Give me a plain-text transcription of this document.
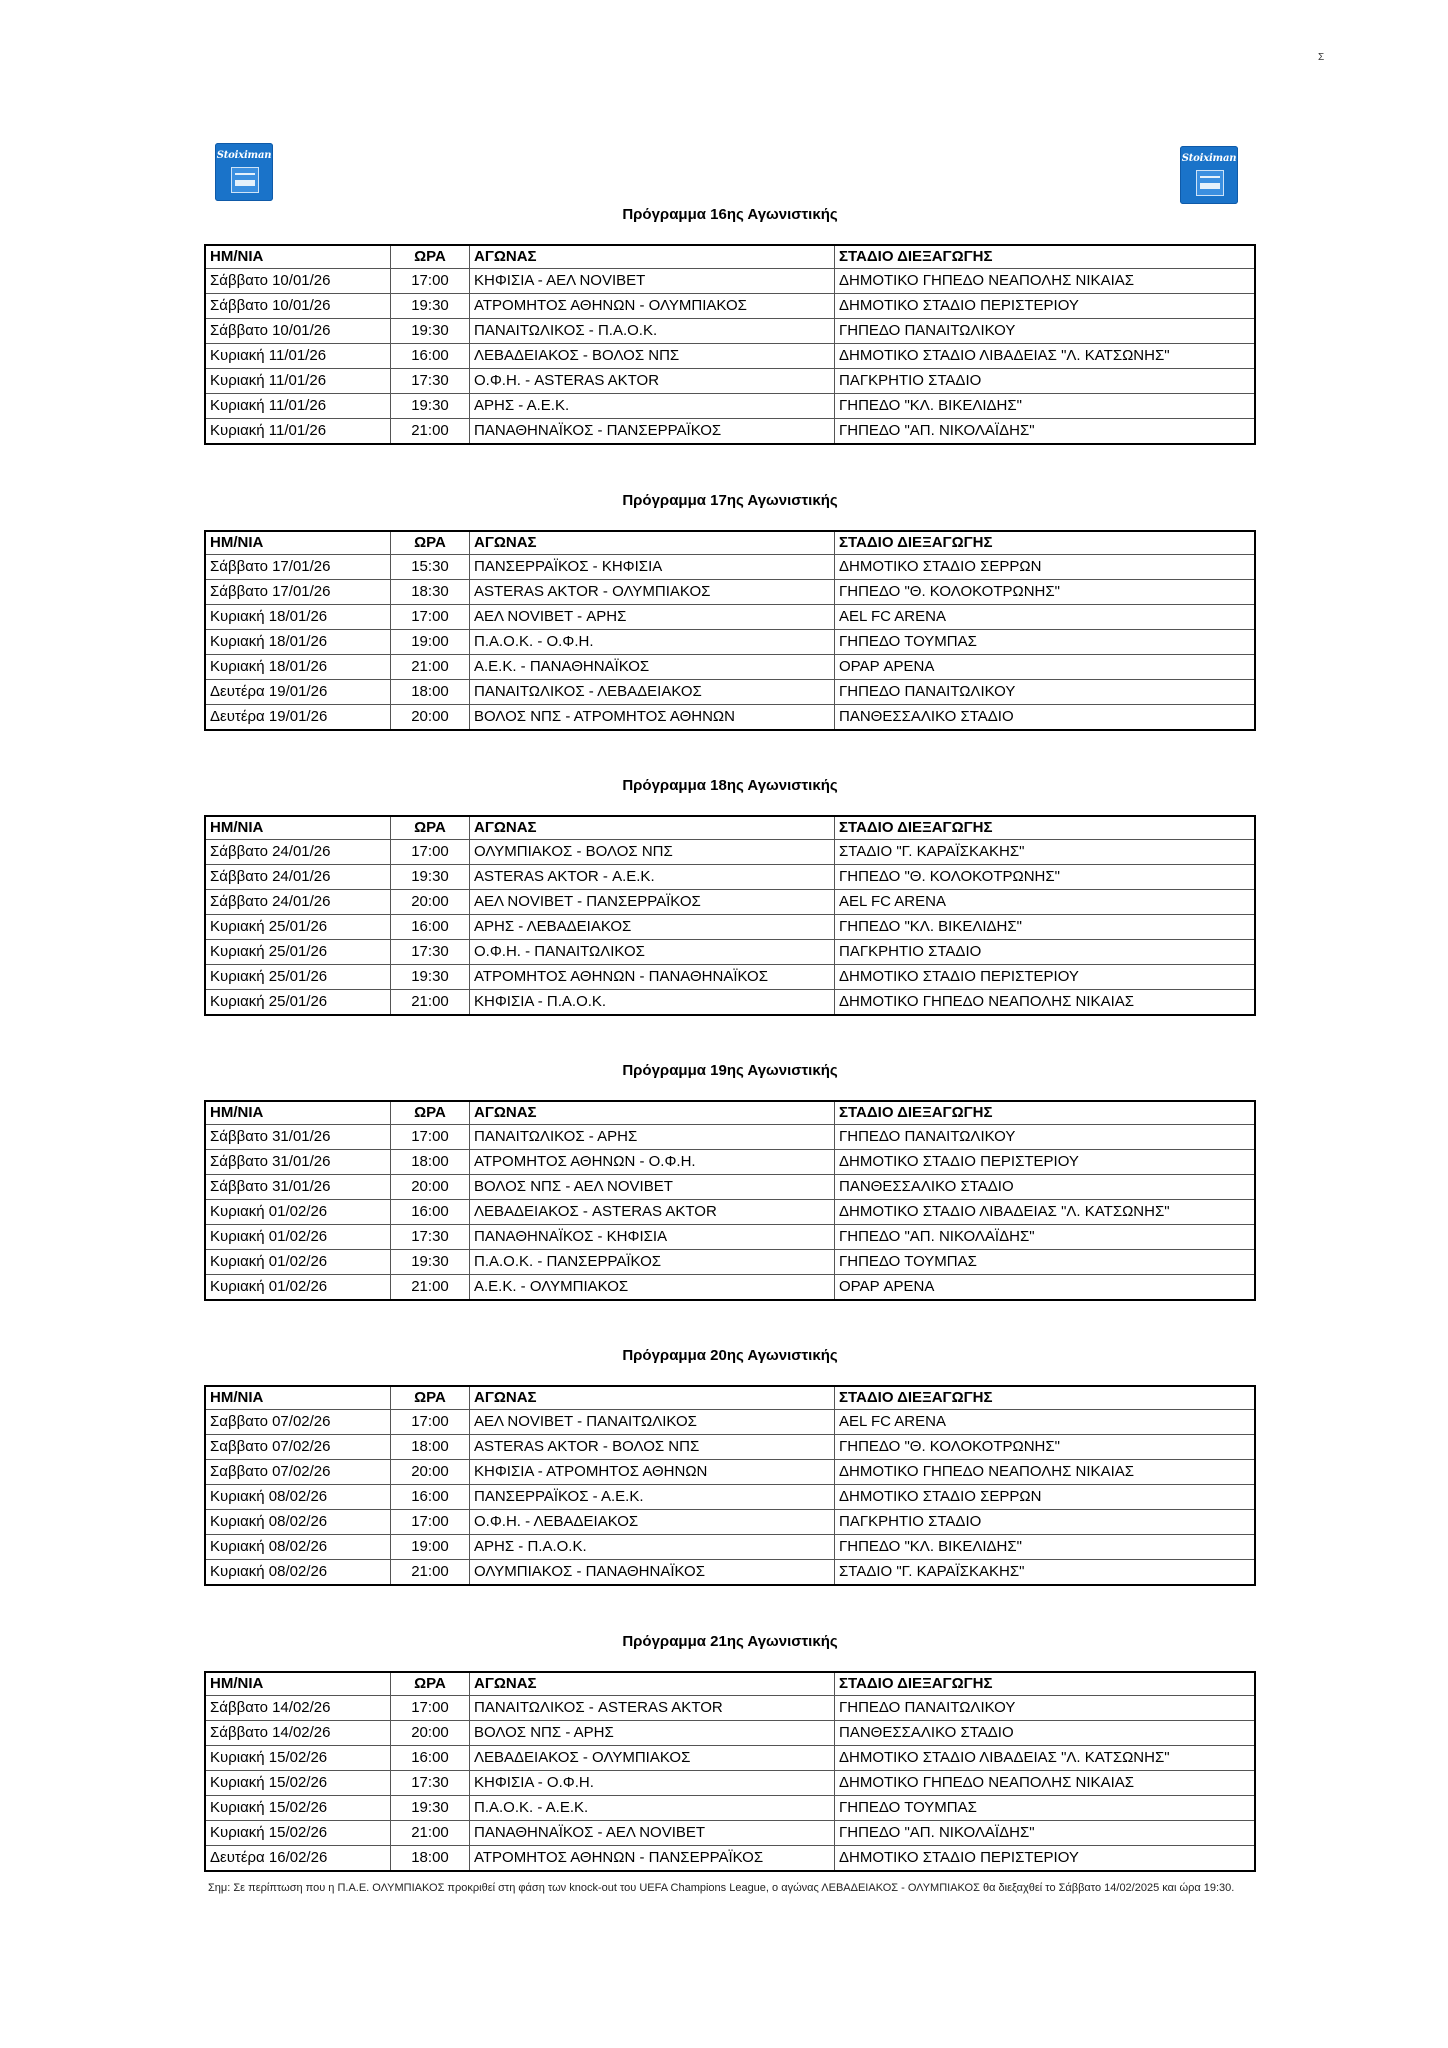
Σ
Stoiximan	Stoiximan
Πρόγραμμα 16ης Αγωνιστικής
ΗΜ/ΝΙΑ	ΩΡΑ	ΑΓΩΝΑΣ	ΣΤΑΔΙΟ ΔΙΕΞΑΓΩΓΗΣ
Σάββατο 10/01/26	17:00	ΚΗΦΙΣΙΑ - ΑΕΛ NOVIBET	ΔΗΜΟΤΙΚΟ ΓΗΠΕΔΟ ΝΕΑΠΟΛΗΣ ΝΙΚΑΙΑΣ
Σάββατο 10/01/26	19:30	ΑΤΡΟΜΗΤΟΣ ΑΘΗΝΩΝ - ΟΛΥΜΠΙΑΚΟΣ	ΔΗΜΟΤΙΚΟ ΣΤΑΔΙΟ ΠΕΡΙΣΤΕΡΙΟΥ
Σάββατο 10/01/26	19:30	ΠΑΝΑΙΤΩΛΙΚΟΣ - Π.Α.Ο.Κ.	ΓΗΠΕΔΟ ΠΑΝΑΙΤΩΛΙΚΟΥ
Κυριακή 11/01/26	16:00	ΛΕΒΑΔΕΙΑΚΟΣ - ΒΟΛΟΣ ΝΠΣ	ΔΗΜΟΤΙΚΟ ΣΤΑΔΙΟ ΛΙΒΑΔΕΙΑΣ "Λ. ΚΑΤΣΩΝΗΣ"
Κυριακή 11/01/26	17:30	Ο.Φ.Η. - ASTERAS AKTOR	ΠΑΓΚΡΗΤΙΟ ΣΤΑΔΙΟ
Κυριακή 11/01/26	19:30	ΑΡΗΣ - Α.Ε.Κ.	ΓΗΠΕΔΟ "ΚΛ. ΒΙΚΕΛΙΔΗΣ"
Κυριακή 11/01/26	21:00	ΠΑΝΑΘΗΝΑΪΚΟΣ - ΠΑΝΣΕΡΡΑΪΚΟΣ	ΓΗΠΕΔΟ "ΑΠ. ΝΙΚΟΛΑΪΔΗΣ"
Πρόγραμμα 17ης Αγωνιστικής
ΗΜ/ΝΙΑ	ΩΡΑ	ΑΓΩΝΑΣ	ΣΤΑΔΙΟ ΔΙΕΞΑΓΩΓΗΣ
Σάββατο 17/01/26	15:30	ΠΑΝΣΕΡΡΑΪΚΟΣ - ΚΗΦΙΣΙΑ	ΔΗΜΟΤΙΚΟ ΣΤΑΔΙΟ ΣΕΡΡΩΝ
Σάββατο 17/01/26	18:30	ASTERAS AKTOR - ΟΛΥΜΠΙΑΚΟΣ	ΓΗΠΕΔΟ "Θ. ΚΟΛΟΚΟΤΡΩΝΗΣ"
Κυριακή 18/01/26	17:00	ΑΕΛ NOVIBET - ΑΡΗΣ	AEL FC ARENA
Κυριακή 18/01/26	19:00	Π.Α.Ο.Κ. - Ο.Φ.Η.	ΓΗΠΕΔΟ ΤΟΥΜΠΑΣ
Κυριακή 18/01/26	21:00	Α.Ε.Κ. - ΠΑΝΑΘΗΝΑΪΚΟΣ	OPAP ΑΡΕΝΑ
Δευτέρα 19/01/26	18:00	ΠΑΝΑΙΤΩΛΙΚΟΣ - ΛΕΒΑΔΕΙΑΚΟΣ	ΓΗΠΕΔΟ ΠΑΝΑΙΤΩΛΙΚΟΥ
Δευτέρα 19/01/26	20:00	ΒΟΛΟΣ ΝΠΣ - ΑΤΡΟΜΗΤΟΣ ΑΘΗΝΩΝ	ΠΑΝΘΕΣΣΑΛΙΚΟ ΣΤΑΔΙΟ
Πρόγραμμα 18ης Αγωνιστικής
ΗΜ/ΝΙΑ	ΩΡΑ	ΑΓΩΝΑΣ	ΣΤΑΔΙΟ ΔΙΕΞΑΓΩΓΗΣ
Σάββατο 24/01/26	17:00	ΟΛΥΜΠΙΑΚΟΣ - ΒΟΛΟΣ ΝΠΣ	ΣΤΑΔΙΟ "Γ. ΚΑΡΑΪΣΚΑΚΗΣ"
Σάββατο 24/01/26	19:30	ASTERAS AKTOR - Α.Ε.Κ.	ΓΗΠΕΔΟ "Θ. ΚΟΛΟΚΟΤΡΩΝΗΣ"
Σάββατο 24/01/26	20:00	ΑΕΛ NOVIBET - ΠΑΝΣΕΡΡΑΪΚΟΣ	AEL FC ARENA
Κυριακή 25/01/26	16:00	ΑΡΗΣ - ΛΕΒΑΔΕΙΑΚΟΣ	ΓΗΠΕΔΟ "ΚΛ. ΒΙΚΕΛΙΔΗΣ"
Κυριακή 25/01/26	17:30	Ο.Φ.Η. - ΠΑΝΑΙΤΩΛΙΚΟΣ	ΠΑΓΚΡΗΤΙΟ ΣΤΑΔΙΟ
Κυριακή 25/01/26	19:30	ΑΤΡΟΜΗΤΟΣ ΑΘΗΝΩΝ - ΠΑΝΑΘΗΝΑΪΚΟΣ	ΔΗΜΟΤΙΚΟ ΣΤΑΔΙΟ ΠΕΡΙΣΤΕΡΙΟΥ
Κυριακή 25/01/26	21:00	ΚΗΦΙΣΙΑ - Π.Α.Ο.Κ.	ΔΗΜΟΤΙΚΟ ΓΗΠΕΔΟ ΝΕΑΠΟΛΗΣ ΝΙΚΑΙΑΣ
Πρόγραμμα 19ης Αγωνιστικής
ΗΜ/ΝΙΑ	ΩΡΑ	ΑΓΩΝΑΣ	ΣΤΑΔΙΟ ΔΙΕΞΑΓΩΓΗΣ
Σάββατο 31/01/26	17:00	ΠΑΝΑΙΤΩΛΙΚΟΣ - ΑΡΗΣ	ΓΗΠΕΔΟ ΠΑΝΑΙΤΩΛΙΚΟΥ
Σάββατο 31/01/26	18:00	ΑΤΡΟΜΗΤΟΣ ΑΘΗΝΩΝ - Ο.Φ.Η.	ΔΗΜΟΤΙΚΟ ΣΤΑΔΙΟ ΠΕΡΙΣΤΕΡΙΟΥ
Σάββατο 31/01/26	20:00	ΒΟΛΟΣ ΝΠΣ - ΑΕΛ NOVIBET	ΠΑΝΘΕΣΣΑΛΙΚΟ ΣΤΑΔΙΟ
Κυριακή 01/02/26	16:00	ΛΕΒΑΔΕΙΑΚΟΣ - ASTERAS AKTOR	ΔΗΜΟΤΙΚΟ ΣΤΑΔΙΟ ΛΙΒΑΔΕΙΑΣ "Λ. ΚΑΤΣΩΝΗΣ"
Κυριακή 01/02/26	17:30	ΠΑΝΑΘΗΝΑΪΚΟΣ - ΚΗΦΙΣΙΑ	ΓΗΠΕΔΟ "ΑΠ. ΝΙΚΟΛΑΪΔΗΣ"
Κυριακή 01/02/26	19:30	Π.Α.Ο.Κ. - ΠΑΝΣΕΡΡΑΪΚΟΣ	ΓΗΠΕΔΟ ΤΟΥΜΠΑΣ
Κυριακή 01/02/26	21:00	Α.Ε.Κ. - ΟΛΥΜΠΙΑΚΟΣ	OPAP ΑΡΕΝΑ
Πρόγραμμα 20ης Αγωνιστικής
ΗΜ/ΝΙΑ	ΩΡΑ	ΑΓΩΝΑΣ	ΣΤΑΔΙΟ ΔΙΕΞΑΓΩΓΗΣ
Σαββατο 07/02/26	17:00	ΑΕΛ NOVIBET - ΠΑΝΑΙΤΩΛΙΚΟΣ	AEL FC ARENA
Σαββατο 07/02/26	18:00	ASTERAS AKTOR - ΒΟΛΟΣ ΝΠΣ	ΓΗΠΕΔΟ "Θ. ΚΟΛΟΚΟΤΡΩΝΗΣ"
Σαββατο 07/02/26	20:00	ΚΗΦΙΣΙΑ - ΑΤΡΟΜΗΤΟΣ ΑΘΗΝΩΝ	ΔΗΜΟΤΙΚΟ ΓΗΠΕΔΟ ΝΕΑΠΟΛΗΣ ΝΙΚΑΙΑΣ
Κυριακή 08/02/26	16:00	ΠΑΝΣΕΡΡΑΪΚΟΣ - Α.Ε.Κ.	ΔΗΜΟΤΙΚΟ ΣΤΑΔΙΟ ΣΕΡΡΩΝ
Κυριακή 08/02/26	17:00	Ο.Φ.Η. - ΛΕΒΑΔΕΙΑΚΟΣ	ΠΑΓΚΡΗΤΙΟ ΣΤΑΔΙΟ
Κυριακή 08/02/26	19:00	ΑΡΗΣ - Π.Α.Ο.Κ.	ΓΗΠΕΔΟ "ΚΛ. ΒΙΚΕΛΙΔΗΣ"
Κυριακή 08/02/26	21:00	ΟΛΥΜΠΙΑΚΟΣ - ΠΑΝΑΘΗΝΑΪΚΟΣ	ΣΤΑΔΙΟ "Γ. ΚΑΡΑΪΣΚΑΚΗΣ"
Πρόγραμμα 21ης Αγωνιστικής
ΗΜ/ΝΙΑ	ΩΡΑ	ΑΓΩΝΑΣ	ΣΤΑΔΙΟ ΔΙΕΞΑΓΩΓΗΣ
Σάββατο 14/02/26	17:00	ΠΑΝΑΙΤΩΛΙΚΟΣ - ASTERAS AKTOR	ΓΗΠΕΔΟ ΠΑΝΑΙΤΩΛΙΚΟΥ
Σάββατο 14/02/26	20:00	ΒΟΛΟΣ ΝΠΣ - ΑΡΗΣ	ΠΑΝΘΕΣΣΑΛΙΚΟ ΣΤΑΔΙΟ
Κυριακή 15/02/26	16:00	ΛΕΒΑΔΕΙΑΚΟΣ - ΟΛΥΜΠΙΑΚΟΣ	ΔΗΜΟΤΙΚΟ ΣΤΑΔΙΟ ΛΙΒΑΔΕΙΑΣ "Λ. ΚΑΤΣΩΝΗΣ"
Κυριακή 15/02/26	17:30	ΚΗΦΙΣΙΑ - Ο.Φ.Η.	ΔΗΜΟΤΙΚΟ ΓΗΠΕΔΟ ΝΕΑΠΟΛΗΣ ΝΙΚΑΙΑΣ
Κυριακή 15/02/26	19:30	Π.Α.Ο.Κ. - Α.Ε.Κ.	ΓΗΠΕΔΟ ΤΟΥΜΠΑΣ
Κυριακή 15/02/26	21:00	ΠΑΝΑΘΗΝΑΪΚΟΣ - ΑΕΛ NOVIBET	ΓΗΠΕΔΟ "ΑΠ. ΝΙΚΟΛΑΪΔΗΣ"
Δευτέρα 16/02/26	18:00	ΑΤΡΟΜΗΤΟΣ ΑΘΗΝΩΝ - ΠΑΝΣΕΡΡΑΪΚΟΣ	ΔΗΜΟΤΙΚΟ ΣΤΑΔΙΟ ΠΕΡΙΣΤΕΡΙΟΥ
Σημ: Σε περίπτωση που η Π.Α.Ε. ΟΛΥΜΠΙΑΚΟΣ προκριθεί στη φάση των knock-out του UEFA Champions League, ο αγώνας ΛΕΒΑΔΕΙΑΚΟΣ - ΟΛΥΜΠΙΑΚΟΣ θα διεξαχθεί το Σάββατο 14/02/2025 και ώρα 19:30.
